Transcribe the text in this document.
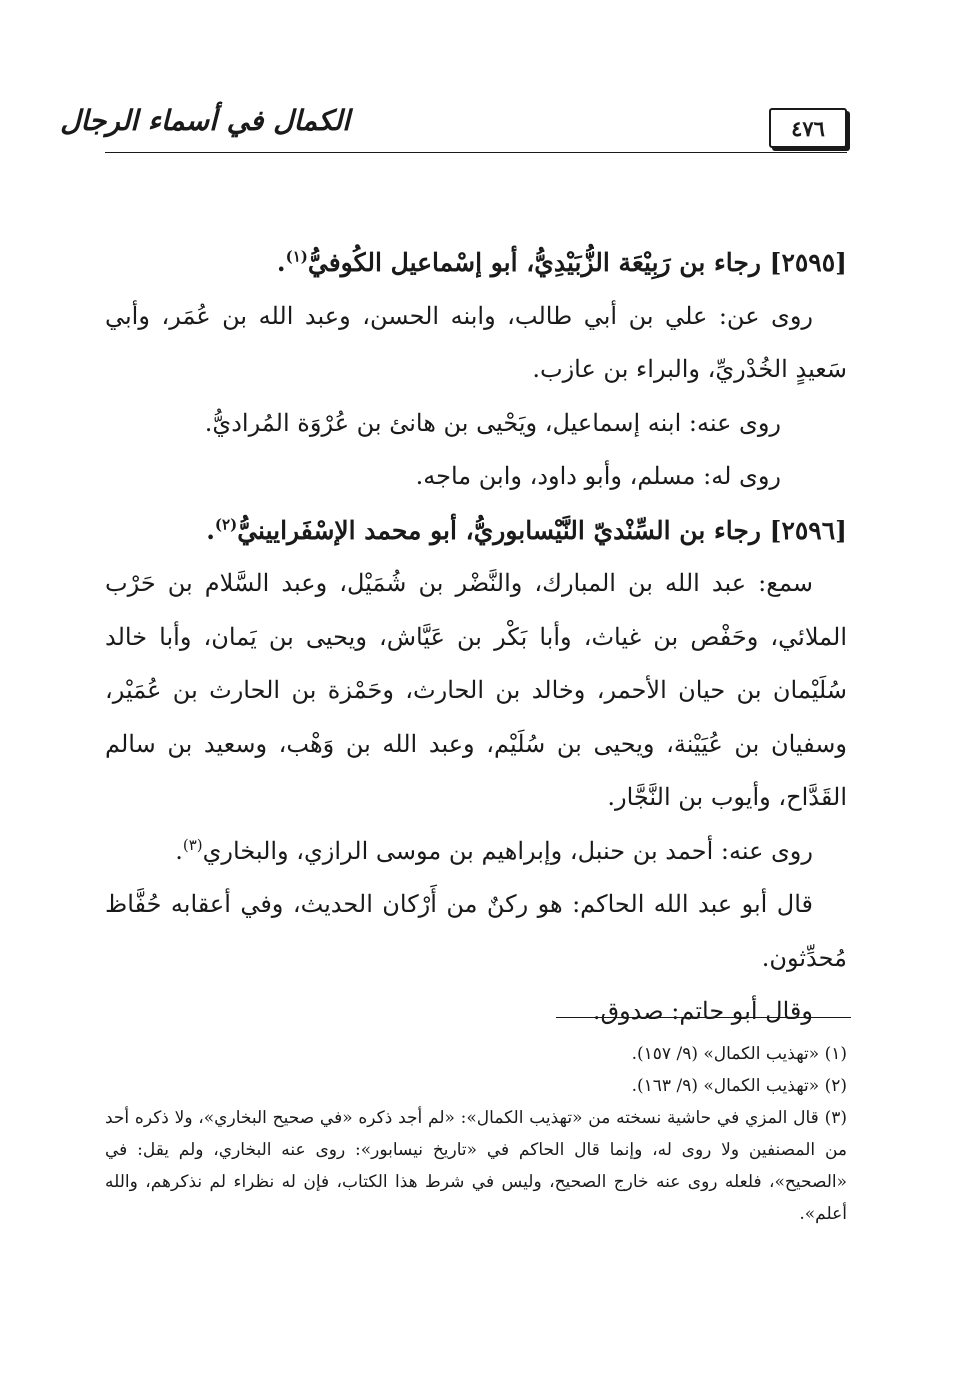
٤٧٦
الكمال في أسماء الرجال

[٢٥٩٥] رجاء بن رَبِيْعَة الزُّبَيْدِيُّ، أبو إسْماعيل الكُوفيُّ$^{(١)}$.

روى عن: علي بن أبي طالب، وابنه الحسن، وعبد الله بن عُمَر، وأبي سَعيدٍ الخُدْريِّ، والبراء بن عازب.

روى عنه: ابنه إسماعيل، ويَحْيى بن هانئ بن عُرْوَة المُراديُّ.

روى له: مسلم، وأبو داود، وابن ماجه.

[٢٥٩٦] رجاء بن السِّنْديّ النَّيْسابوريُّ، أبو محمد الإسْفَرايينيُّ$^{(٢)}$.

سمع: عبد الله بن المبارك، والنَّضْر بن شُمَيْل، وعبد السَّلام بن حَرْب الملائي، وحَفْص بن غياث، وأبا بَكْر بن عَيَّاش، ويحيى بن يَمان، وأبا خالد سُلَيْمان بن حيان الأحمر، وخالد بن الحارث، وحَمْزة بن الحارث بن عُمَيْر، وسفيان بن عُيَيْنة، ويحيى بن سُلَيْم، وعبد الله بن وَهْب، وسعيد بن سالم القَدَّاح، وأيوب بن النَّجَّار.

روى عنه: أحمد بن حنبل، وإبراهيم بن موسى الرازي، والبخاري$^{(٣)}$.

قال أبو عبد الله الحاكم: هو ركنٌ من أَرْكان الحديث، وفي أعقابه حُفَّاظ مُحدِّثون.

وقال أبو حاتم: صدوق.

(١) «تهذيب الكمال» (٩/ ١٥٧).

(٢) «تهذيب الكمال» (٩/ ١٦٣).

(٣) قال المزي في حاشية نسخته من «تهذيب الكمال»: «لم أجد ذكره «في صحيح البخاري»، ولا ذكره أحد من المصنفين ولا روى له، وإنما قال الحاكم في «تاريخ نيسابور»: روى عنه البخاري، ولم يقل: في «الصحيح»، فلعله روى عنه خارج الصحيح، وليس في شرط هذا الكتاب، فإن له نظراء لم نذكرهم، والله أعلم».
